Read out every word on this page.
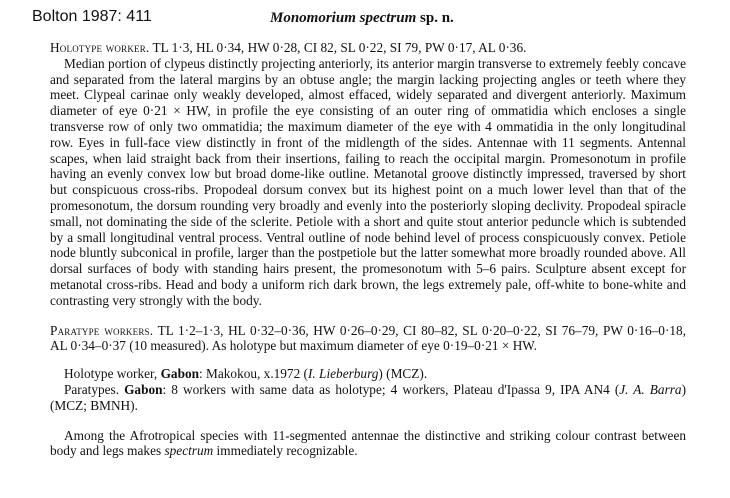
Bolton 1987: 411	Monomorium spectrum sp. n.

Holotype worker. TL 1·3, HL 0·34, HW 0·28, CI 82, SL 0·22, SI 79, PW 0·17, AL 0·36.

Median portion of clypeus distinctly projecting anteriorly, its anterior margin transverse to extremely feebly concave and separated from the lateral margins by an obtuse angle; the margin lacking projecting angles or teeth where they meet. Clypeal carinae only weakly developed, almost effaced, widely separated and divergent anteriorly. Maximum diameter of eye 0·21 × HW, in profile the eye consisting of an outer ring of ommatidia which encloses a single transverse row of only two ommatidia; the maximum diameter of the eye with 4 ommatidia in the only longitudinal row. Eyes in full-face view distinctly in front of the midlength of the sides. Antennae with 11 segments. Antennal scapes, when laid straight back from their insertions, failing to reach the occipital margin. Promesonotum in profile having an evenly convex low but broad dome-like outline. Metanotal groove distinctly impressed, traversed by short but conspicuous cross-ribs. Propodeal dorsum convex but its highest point on a much lower level than that of the promesonotum, the dorsum rounding very broadly and evenly into the posteriorly sloping declivity. Propodeal spiracle small, not dominating the side of the sclerite. Petiole with a short and quite stout anterior peduncle which is subtended by a small longitudinal ventral process. Ventral outline of node behind level of process conspicuously convex. Petiole node bluntly subconical in profile, larger than the postpetiole but the latter somewhat more broadly rounded above. All dorsal surfaces of body with standing hairs present, the promesonotum with 5–6 pairs. Sculpture absent except for metanotal cross-ribs. Head and body a uniform rich dark brown, the legs extremely pale, off-white to bone-white and contrasting very strongly with the body.

Paratype workers. TL 1·2–1·3, HL 0·32–0·36, HW 0·26–0·29, CI 80–82, SL 0·20–0·22, SI 76–79, PW 0·16–0·18, AL 0·34–0·37 (10 measured). As holotype but maximum diameter of eye 0·19–0·21 × HW.

Holotype worker, Gabon: Makokou, x.1972 (I. Lieberburg) (MCZ).

Paratypes. Gabon: 8 workers with same data as holotype; 4 workers, Plateau d'Ipassa 9, IPA AN4 (J. A. Barra) (MCZ; BMNH).

Among the Afrotropical species with 11-segmented antennae the distinctive and striking colour contrast between body and legs makes spectrum immediately recognizable.
